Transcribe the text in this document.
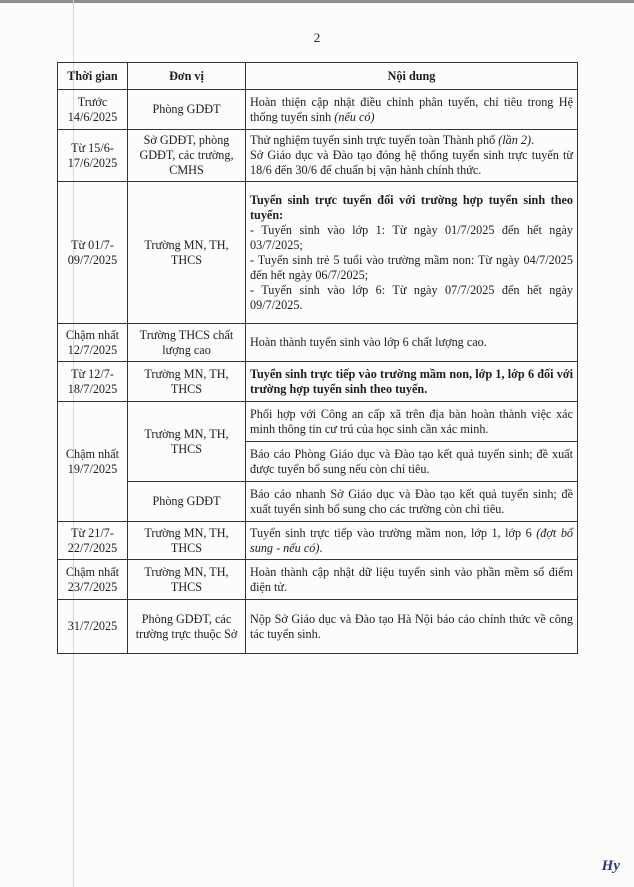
2
Thời gian	Đơn vị	Nội dung
Trước 14/6/2025	Phòng GDĐT	Hoàn thiện cập nhật điều chỉnh phân tuyến, chỉ tiêu trong Hệ thống tuyển sinh (nếu có)
Từ 15/6-17/6/2025	Sở GDĐT, phòng GDĐT, các trường, CMHS	Thử nghiệm tuyển sinh trực tuyến toàn Thành phố (lần 2).
Sở Giáo dục và Đào tạo đóng hệ thống tuyển sinh trực tuyến từ 18/6 đến 30/6 để chuẩn bị vận hành chính thức.

Từ 01/7-09/7/2025	Trường MN, TH, THCS	Tuyển sinh trực tuyến đối với trường hợp tuyển sinh theo tuyến:
- Tuyển sinh vào lớp 1: Từ ngày 01/7/2025 đến hết ngày 03/7/2025;
- Tuyển sinh trẻ 5 tuổi vào trường mầm non: Từ ngày 04/7/2025 đến hết ngày 06/7/2025;
- Tuyển sinh vào lớp 6: Từ ngày 07/7/2025 đến hết ngày 09/7/2025.

Chậm nhất 12/7/2025	Trường THCS chất lượng cao	Hoàn thành tuyển sinh vào lớp 6 chất lượng cao.
Từ 12/7-18/7/2025	Trường MN, TH, THCS	Tuyển sinh trực tiếp vào trường mầm non, lớp 1, lớp 6 đối với trường hợp tuyển sinh theo tuyến.
Chậm nhất 19/7/2025	Trường MN, TH, THCS	Phối hợp với Công an cấp xã trên địa bàn hoàn thành việc xác minh thông tin cư trú của học sinh cần xác minh.
		Báo cáo Phòng Giáo dục và Đào tạo kết quả tuyển sinh; đề xuất được tuyển bổ sung nếu còn chỉ tiêu.
	Phòng GDĐT	Báo cáo nhanh Sở Giáo dục và Đào tạo kết quả tuyển sinh; đề xuất tuyển sinh bổ sung cho các trường còn chỉ tiêu.
Từ 21/7-22/7/2025	Trường MN, TH, THCS	Tuyển sinh trực tiếp vào trường mầm non, lớp 1, lớp 6 (đợt bổ sung - nếu có).
Chậm nhất 23/7/2025	Trường MN, TH, THCS	Hoàn thành cập nhật dữ liệu tuyển sinh vào phần mềm sổ điểm điện tử.
31/7/2025	Phòng GDĐT, các trường trực thuộc Sở	Nộp Sở Giáo dục và Đào tạo Hà Nội báo cáo chính thức về công tác tuyển sinh.
Hy
